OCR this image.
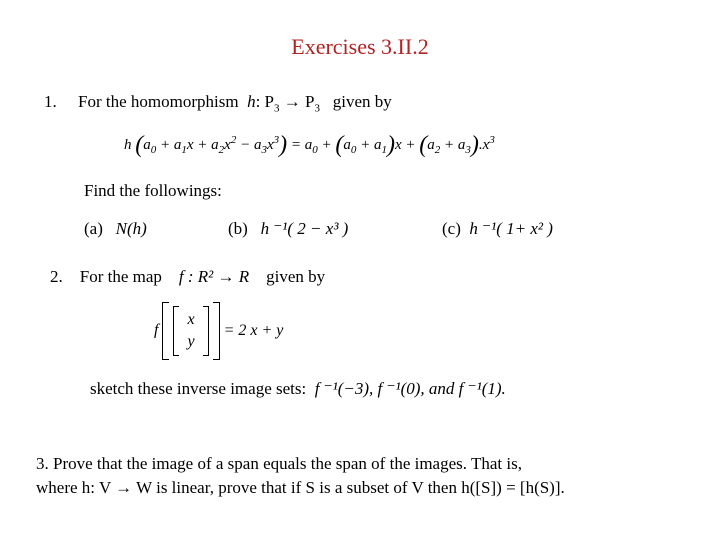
Exercises 3.II.2
1. For the homomorphism h: $P_3 \to P_3$ given by
h $(a_0 + a_1x + a_2x^2 - a_3x^3) = a_0 + (a_0 + a_1)x + (a_2 + a_3).x^3$
Find the followings:
(a) N(h)	(b) h ⁻¹( 2 − x³ )	(c) h ⁻¹( 1+ x² )
2. For the map f : R² → R given by
f  x
y  = 2 x + y
sketch these inverse image sets: f ⁻¹(−3), f ⁻¹(0), and f ⁻¹(1).
3. Prove that the image of a span equals the span of the images. That is,
where h: V → W is linear, prove that if S is a subset of V then h([S]) = [h(S)].
